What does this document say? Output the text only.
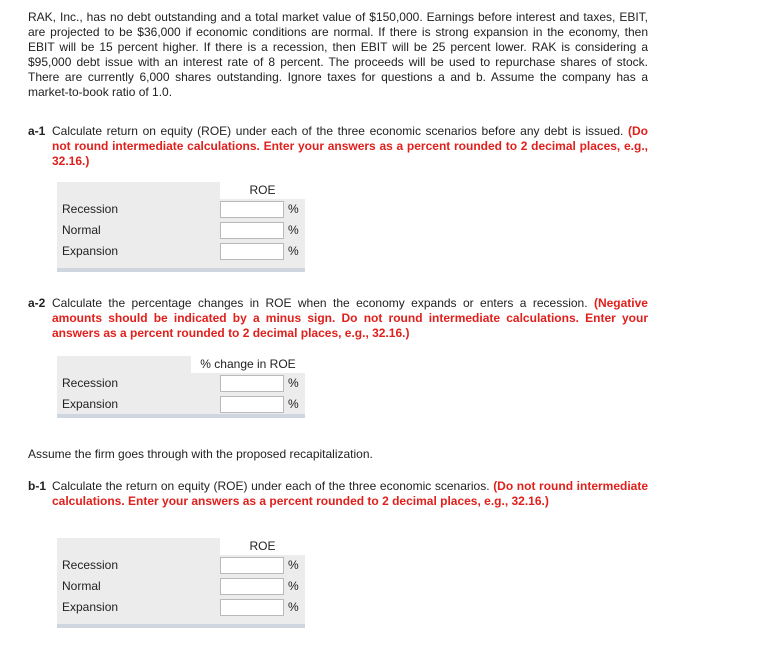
RAK, Inc., has no debt outstanding and a total market value of $150,000. Earnings before interest and taxes, EBIT, are projected to be $36,000 if economic conditions are normal. If there is strong expansion in the economy, then EBIT will be 15 percent higher. If there is a recession, then EBIT will be 25 percent lower. RAK is considering a $95,000 debt issue with an interest rate of 8 percent. The proceeds will be used to repurchase shares of stock. There are currently 6,000 shares outstanding. Ignore taxes for questions a and b. Assume the company has a market-to-book ratio of 1.0.

a-1 Calculate return on equity (ROE) under each of the three economic scenarios before any debt is issued. (Do not round intermediate calculations. Enter your answers as a percent rounded to 2 decimal places, e.g., 32.16.)
ROE
Recession	%
Normal	%
Expansion	%
a-2 Calculate the percentage changes in ROE when the economy expands or enters a recession. (Negative amounts should be indicated by a minus sign. Do not round intermediate calculations. Enter your answers as a percent rounded to 2 decimal places, e.g., 32.16.)
% change in ROE
Recession	%
Expansion	%

Assume the firm goes through with the proposed recapitalization.

b-1 Calculate the return on equity (ROE) under each of the three economic scenarios. (Do not round intermediate calculations. Enter your answers as a percent rounded to 2 decimal places, e.g., 32.16.)
ROE
Recession	%
Normal	%
Expansion	%
